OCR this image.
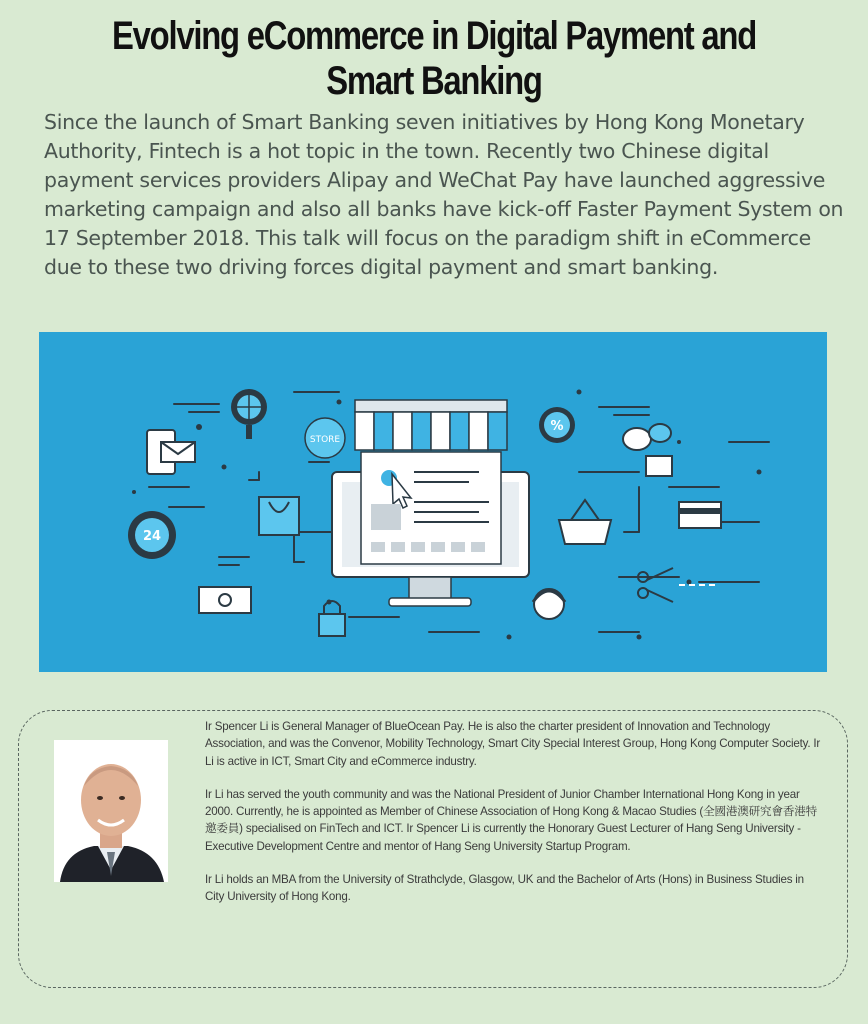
Evolving eCommerce in Digital Payment and Smart Banking
Since the launch of Smart Banking seven initiatives by Hong Kong Monetary Authority, Fintech is a hot topic in the town. Recently two Chinese digital payment services providers Alipay and WeChat Pay have launched aggressive marketing campaign and also all banks have kick-off Faster Payment System on 17 September 2018. This talk will focus on the paradigm shift in eCommerce due to these two driving forces digital payment and smart banking.
STORE
24
%

Ir Spencer Li is General Manager of BlueOcean Pay. He is also the charter president of Innovation and Technology Association, and was the Convenor, Mobility Technology, Smart City Special Interest Group, Hong Kong Computer Society. Ir Li is active in ICT, Smart City and eCommerce industry.

Ir Li has served the youth community and was the National President of Junior Chamber International Hong Kong in year 2000. Currently, he is appointed as Member of Chinese Association of Hong Kong & Macao Studies (全國港澳研究會香港特邀委員) specialised on FinTech and ICT. Ir Spencer Li is currently the Honorary Guest Lecturer of Hang Seng University - Executive Development Centre and mentor of Hang Seng University Startup Program.

Ir Li holds an MBA from the University of Strathclyde, Glasgow, UK and the Bachelor of Arts (Hons) in Business Studies in City University of Hong Kong.
